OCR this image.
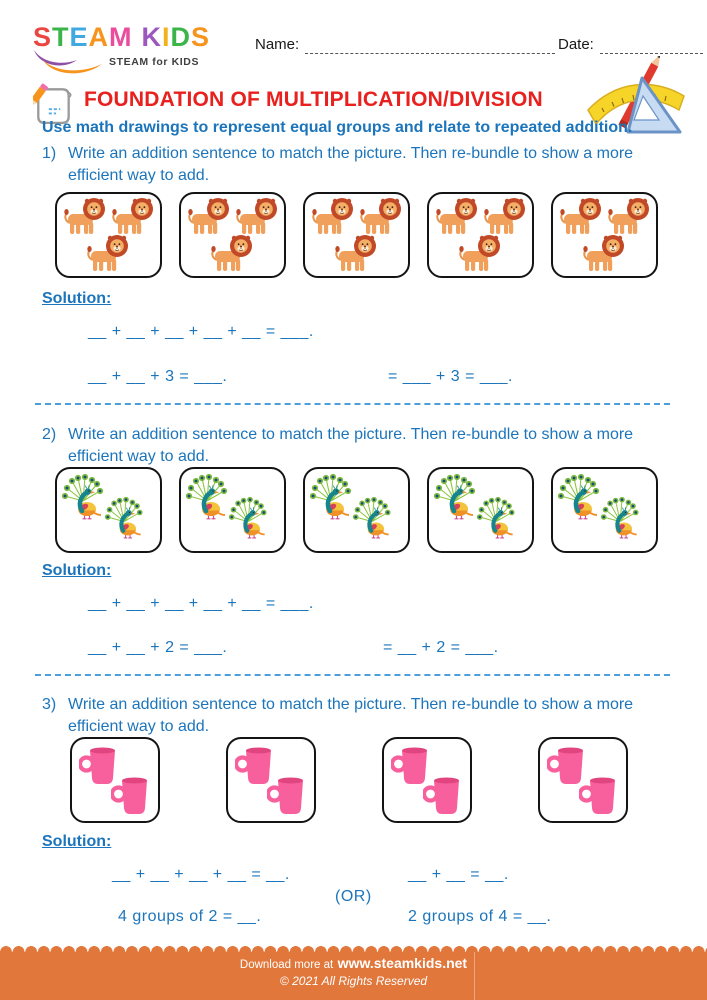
STEAM KIDS
STEAM for KIDS
Name:	Date:
FOUNDATION OF MULTIPLICATION/DIVISION
Use math drawings to represent equal groups and relate to repeated addition.
1) Write an addition sentence to match the picture. Then re-bundle to show a more efficient way to add.
Solution:
__ + __ + __ + __ + __ = ___.
__ + __ + 3 = ___.	= ___ + 3 = ___.
2) Write an addition sentence to match the picture. Then re-bundle to show a more efficient way to add.
Solution:
__ + __ + __ + __ + __ = ___.
__ + __ + 2 = ___.	= __ + 2 = ___.
3) Write an addition sentence to match the picture. Then re-bundle to show a more efficient way to add.
Solution:
__ + __ + __ + __ = __.	__ + __ = __.
(OR)
4 groups of 2 = __.	2 groups of 4 = __.
Download more at www.steamkids.net
© 2021 All Rights Reserved
